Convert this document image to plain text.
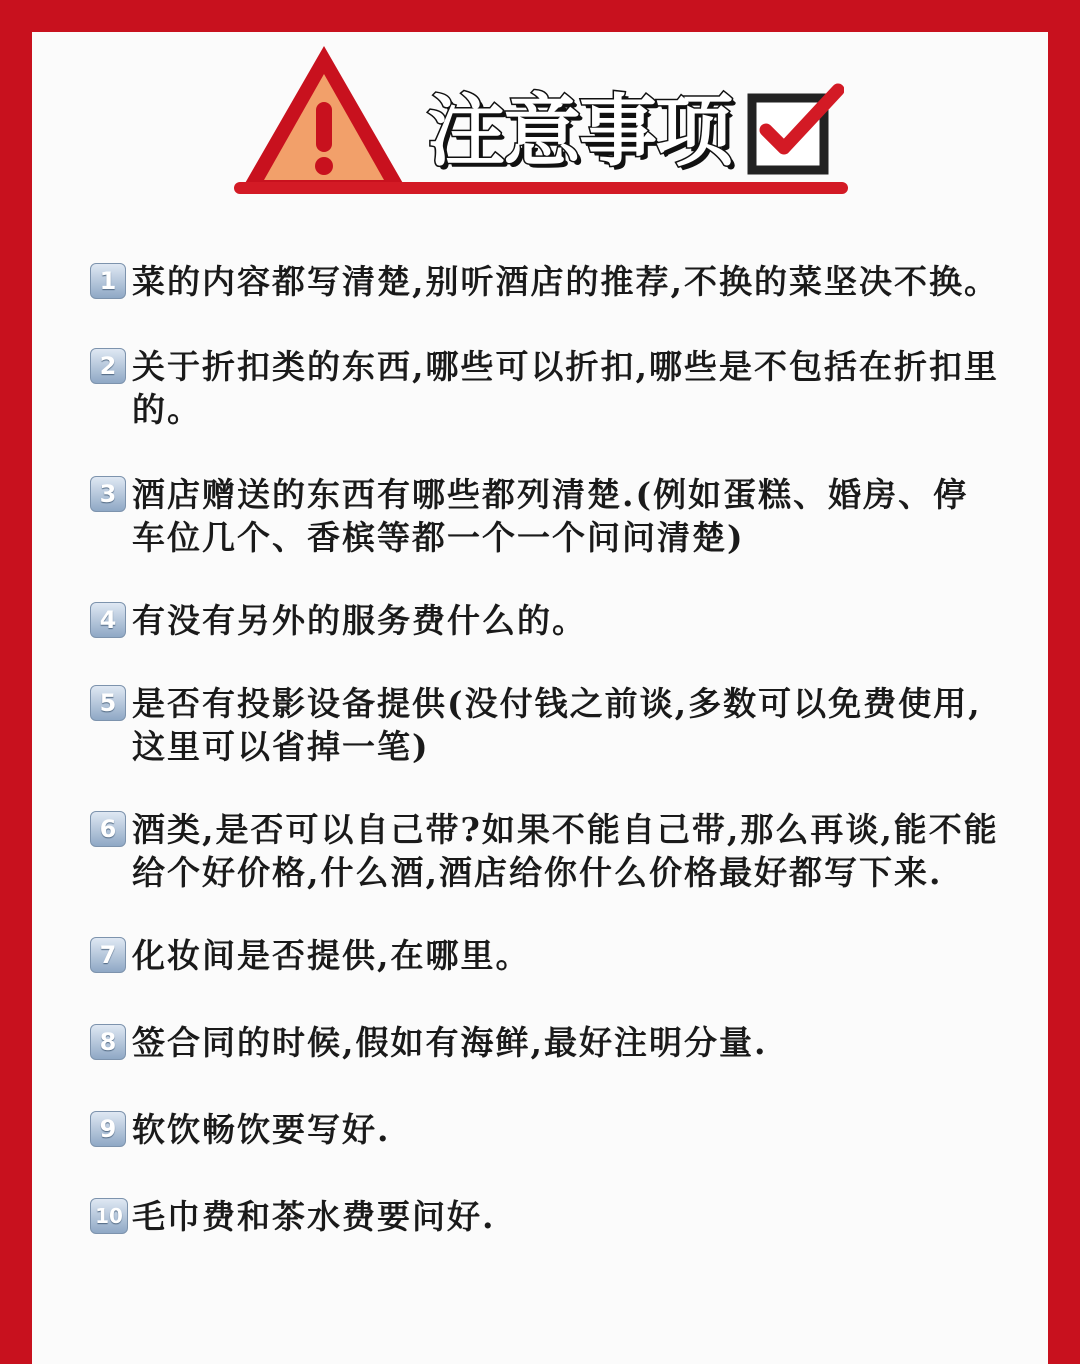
注意事项
1 菜的内容都写清楚,别听酒店的推荐,不换的菜坚决不换。
2 关于折扣类的东西,哪些可以折扣,哪些是不包括在折扣里的。
3 酒店赠送的东西有哪些都列清楚.(例如蛋糕、婚房、停车位几个、香槟等都一个一个问问清楚)
4 有没有另外的服务费什么的。
5 是否有投影设备提供(没付钱之前谈,多数可以免费使用,这里可以省掉一笔)
6 酒类,是否可以自己带?如果不能自己带,那么再谈,能不能给个好价格,什么酒,酒店给你什么价格最好都写下来.
7 化妆间是否提供,在哪里。
8 签合同的时候,假如有海鲜,最好注明分量.
9 软饮畅饮要写好.
10 毛巾费和茶水费要问好.
